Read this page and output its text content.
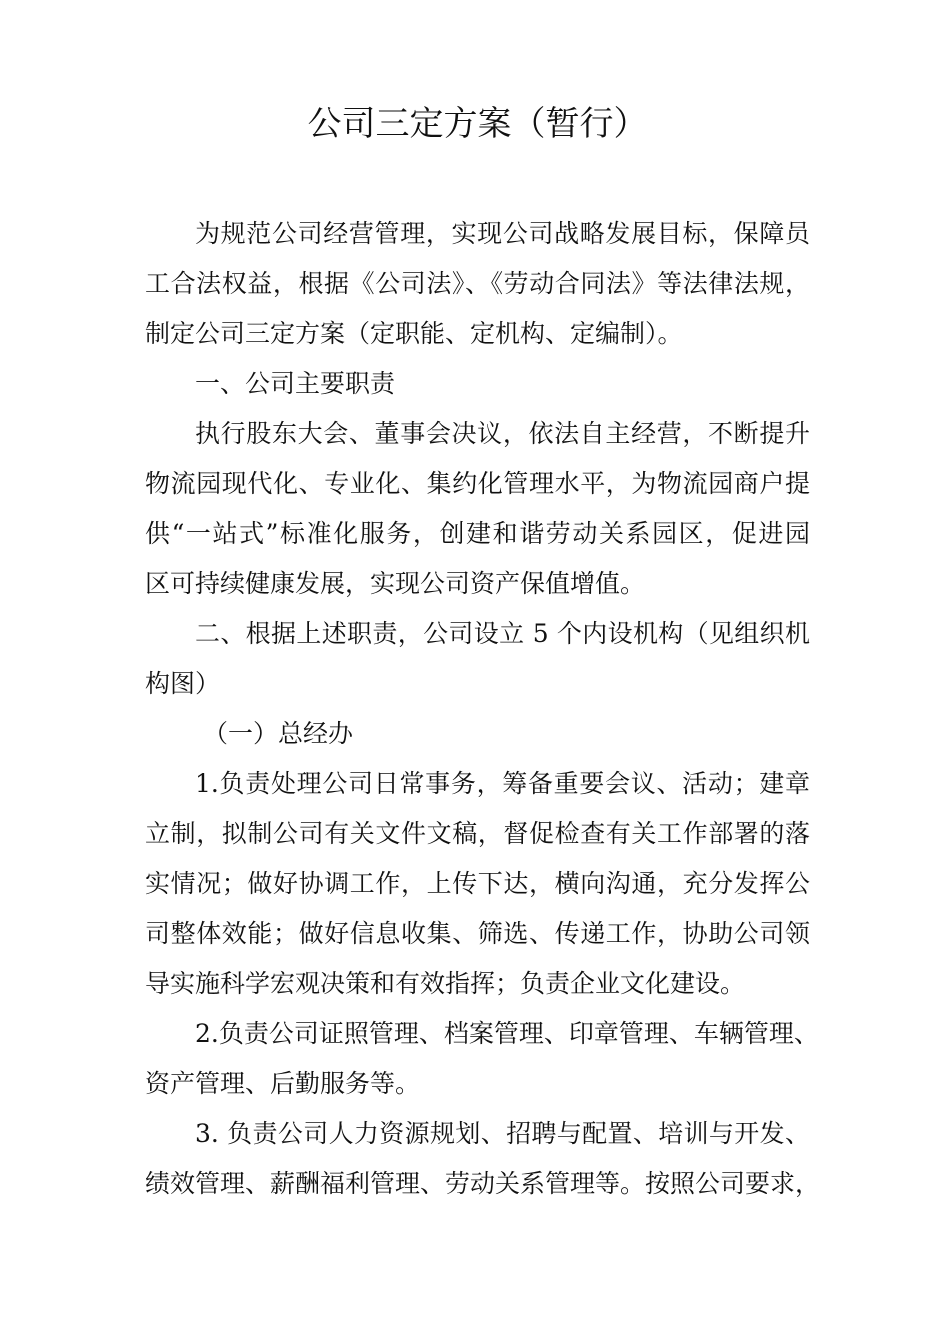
公司三定方案（暂行）
为规范公司经营管理，实现公司战略发展目标，保障员
工合法权益，根据《公司法》、《劳动合同法》等法律法规，
制定公司三定方案（定职能、定机构、定编制）。
一、公司主要职责
执行股东大会、董事会决议，依法自主经营，不断提升
物流园现代化、专业化、集约化管理水平，为物流园商户提
供“一站式”标准化服务，创建和谐劳动关系园区，促进园
区可持续健康发展，实现公司资产保值增值。
二、根据上述职责，公司设立 5 个内设机构（见组织机
构图）
（一）总经办
1.负责处理公司日常事务，筹备重要会议、活动；建章
立制，拟制公司有关文件文稿，督促检查有关工作部署的落
实情况；做好协调工作，上传下达，横向沟通，充分发挥公
司整体效能；做好信息收集、筛选、传递工作，协助公司领
导实施科学宏观决策和有效指挥；负责企业文化建设。
2.负责公司证照管理、档案管理、印章管理、车辆管理、
资产管理、后勤服务等。
3. 负责公司人力资源规划、招聘与配置、培训与开发、
绩效管理、薪酬福利管理、劳动关系管理等。按照公司要求，
